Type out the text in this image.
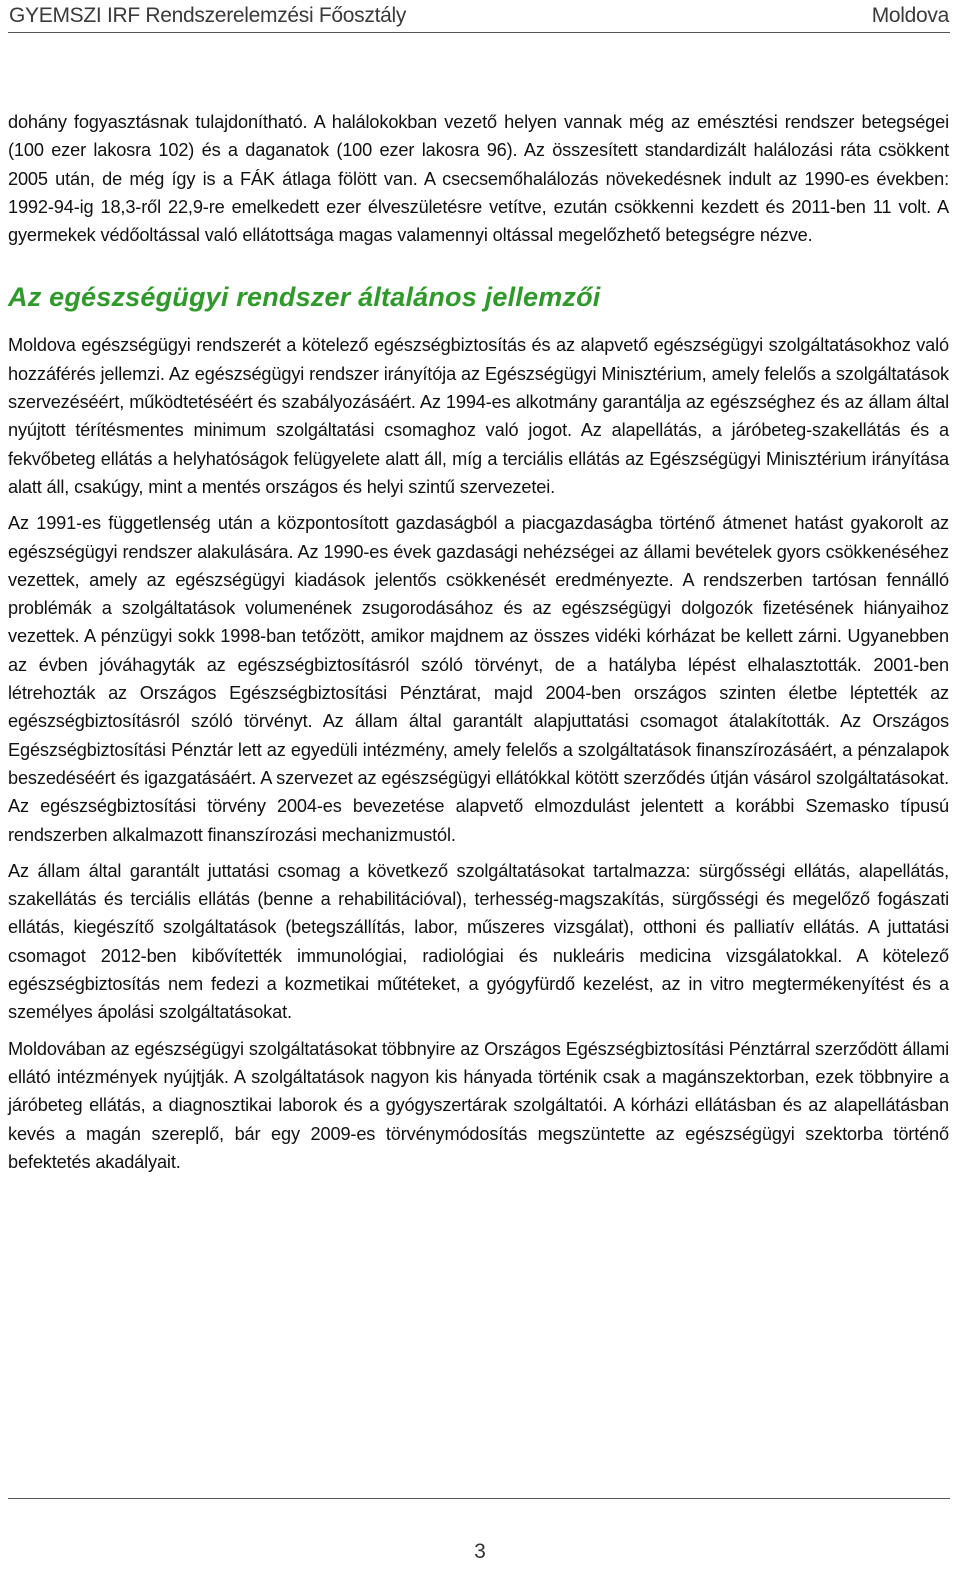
GYEMSZI IRF Rendszerelemzési Főosztály	Moldova

dohány fogyasztásnak tulajdonítható. A halálokokban vezető helyen vannak még az emésztési rendszer betegségei (100 ezer lakosra 102) és a daganatok (100 ezer lakosra 96). Az összesített standardizált halálozási ráta csökkent 2005 után, de még így is a FÁK átlaga fölött van. A csecsemőhalálozás növekedésnek indult az 1990-es években: 1992-94-ig 18,3-ről 22,9-re emelkedett ezer élveszületésre vetítve, ezután csökkenni kezdett és 2011-ben 11 volt. A gyermekek védőoltással való ellátottsága magas valamennyi oltással megelőzhető betegségre nézve.

Az egészségügyi rendszer általános jellemzői

Moldova egészségügyi rendszerét a kötelező egészségbiztosítás és az alapvető egészségügyi szolgáltatásokhoz való hozzáférés jellemzi. Az egészségügyi rendszer irányítója az Egészségügyi Minisztérium, amely felelős a szolgáltatások szervezéséért, működtetéséért és szabályozásáért. Az 1994-es alkotmány garantálja az egészséghez és az állam által nyújtott térítésmentes minimum szolgáltatási csomaghoz való jogot. Az alapellátás, a járóbeteg-szakellátás és a fekvőbeteg ellátás a helyhatóságok felügyelete alatt áll, míg a terciális ellátás az Egészségügyi Minisztérium irányítása alatt áll, csakúgy, mint a mentés országos és helyi szintű szervezetei.

Az 1991-es függetlenség után a központosított gazdaságból a piacgazdaságba történő átmenet hatást gyakorolt az egészségügyi rendszer alakulására. Az 1990-es évek gazdasági nehézségei az állami bevételek gyors csökkenéséhez vezettek, amely az egészségügyi kiadások jelentős csökkenését eredményezte. A rendszerben tartósan fennálló problémák a szolgáltatások volumenének zsugorodásához és az egészségügyi dolgozók fizetésének hiányaihoz vezettek. A pénzügyi sokk 1998-ban tetőzött, amikor majdnem az összes vidéki kórházat be kellett zárni. Ugyanebben az évben jóváhagyták az egészségbiztosításról szóló törvényt, de a hatályba lépést elhalasztották. 2001-ben létrehozták az Országos Egészségbiztosítási Pénztárat, majd 2004-ben országos szinten életbe léptették az egészségbiztosításról szóló törvényt. Az állam által garantált alapjuttatási csomagot átalakították. Az Országos Egészségbiztosítási Pénztár lett az egyedüli intézmény, amely felelős a szolgáltatások finanszírozásáért, a pénzalapok beszedéséért és igazgatásáért. A szervezet az egészségügyi ellátókkal kötött szerződés útján vásárol szolgáltatásokat. Az egészségbiztosítási törvény 2004-es bevezetése alapvető elmozdulást jelentett a korábbi Szemasko típusú rendszerben alkalmazott finanszírozási mechanizmustól.

Az állam által garantált juttatási csomag a következő szolgáltatásokat tartalmazza: sürgősségi ellátás, alapellátás, szakellátás és terciális ellátás (benne a rehabilitációval), terhesség-magszakítás, sürgősségi és megelőző fogászati ellátás, kiegészítő szolgáltatások (betegszállítás, labor, műszeres vizsgálat), otthoni és palliatív ellátás. A juttatási csomagot 2012-ben kibővítették immunológiai, radiológiai és nukleáris medicina vizsgálatokkal. A kötelező egészségbiztosítás nem fedezi a kozmetikai műtéteket, a gyógyfürdő kezelést, az in vitro megtermékenyítést és a személyes ápolási szolgáltatásokat.

Moldovában az egészségügyi szolgáltatásokat többnyire az Országos Egészségbiztosítási Pénztárral szerződött állami ellátó intézmények nyújtják. A szolgáltatások nagyon kis hányada történik csak a magánszektorban, ezek többnyire a járóbeteg ellátás, a diagnosztikai laborok és a gyógyszertárak szolgáltatói. A kórházi ellátásban és az alapellátásban kevés a magán szereplő, bár egy 2009-es törvénymódosítás megszüntette az egészségügyi szektorba történő befektetés akadályait.

3
